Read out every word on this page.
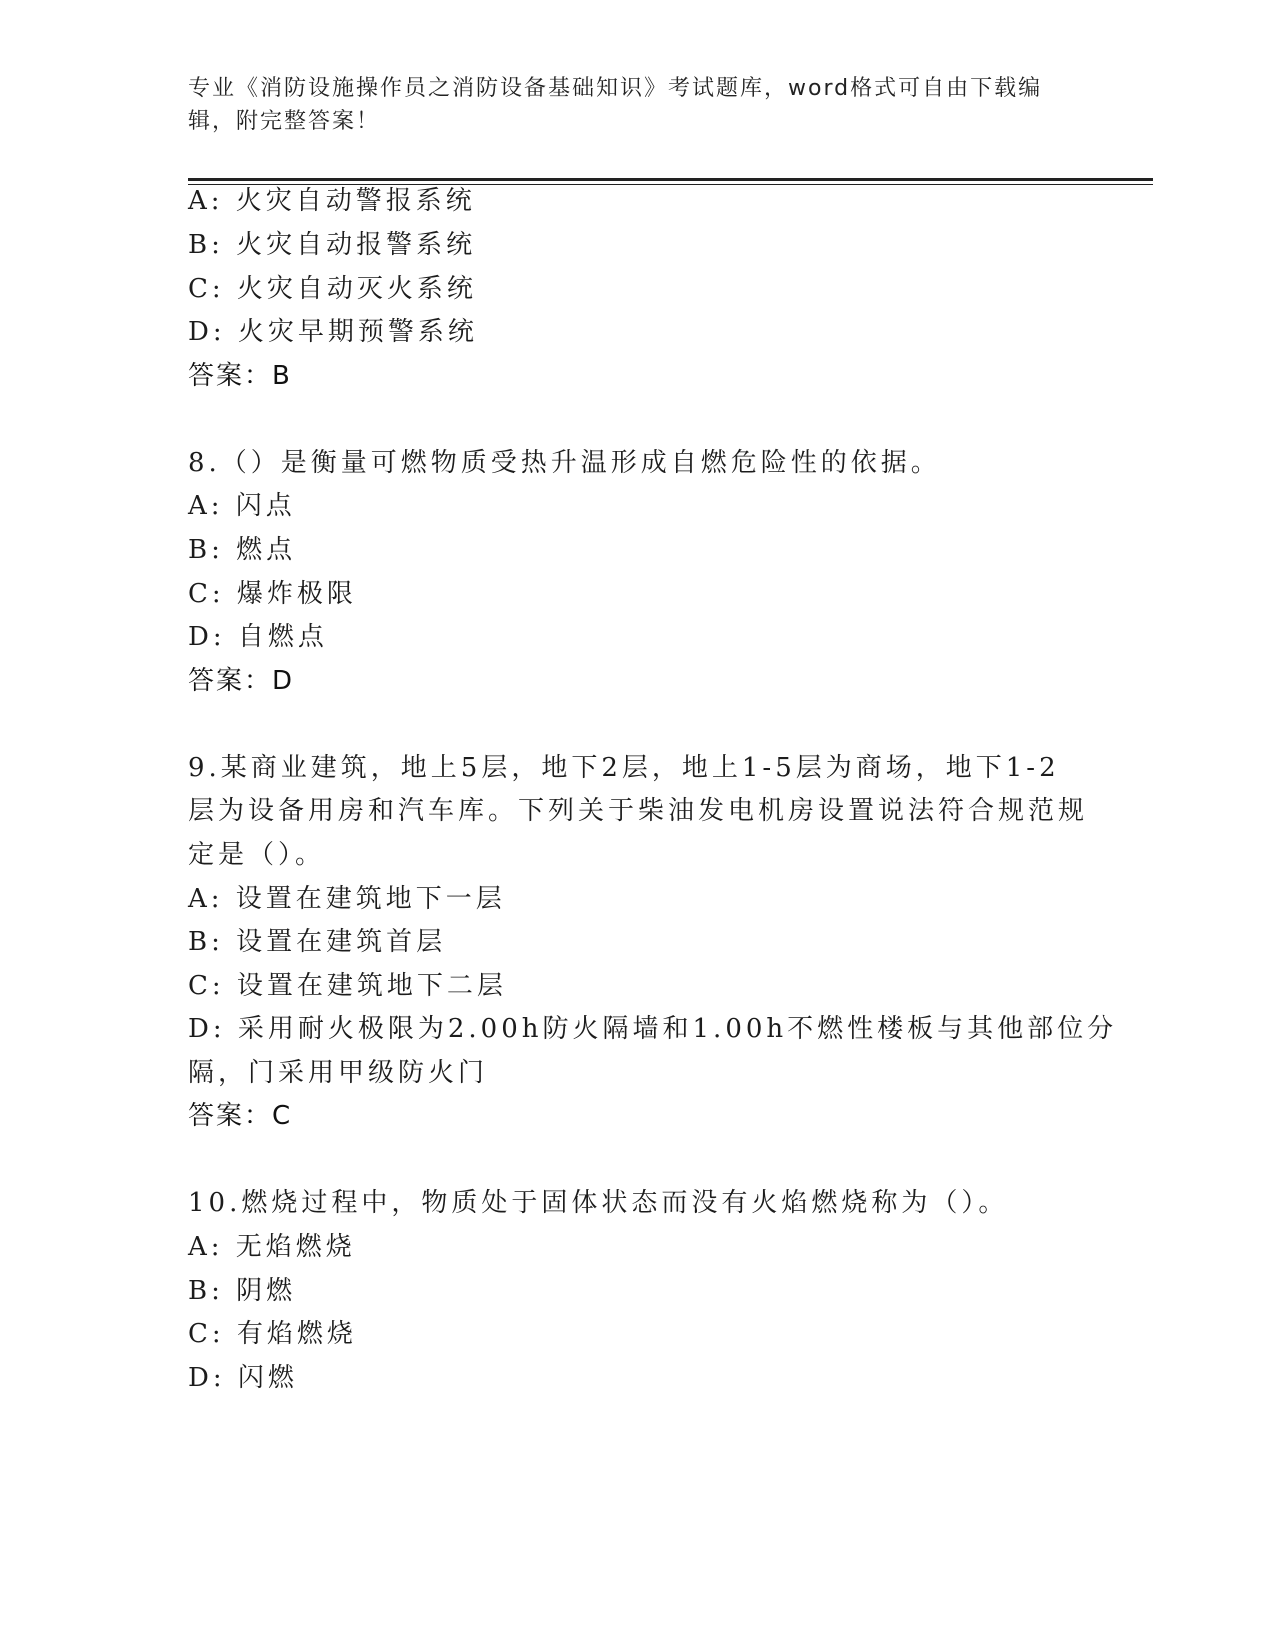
专业《消防设施操作员之消防设备基础知识》考试题库，word格式可自由下载编辑，附完整答案！
A: 火灾自动警报系统
B: 火灾自动报警系统
C: 火灾自动灭火系统
D: 火灾早期预警系统
答案：B
8.（）是衡量可燃物质受热升温形成自燃危险性的依据。
A: 闪点
B: 燃点
C: 爆炸极限
D: 自燃点
答案：D
9.某商业建筑，地上5层，地下2层，地上1-5层为商场，地下1-2
层为设备用房和汽车库。下列关于柴油发电机房设置说法符合规范规
定是（）。
A: 设置在建筑地下一层
B: 设置在建筑首层
C: 设置在建筑地下二层
D: 采用耐火极限为2.00h防火隔墙和1.00h不燃性楼板与其他部位分
隔，门采用甲级防火门
答案：C
10.燃烧过程中，物质处于固体状态而没有火焰燃烧称为（）。
A: 无焰燃烧
B: 阴燃
C: 有焰燃烧
D: 闪燃
